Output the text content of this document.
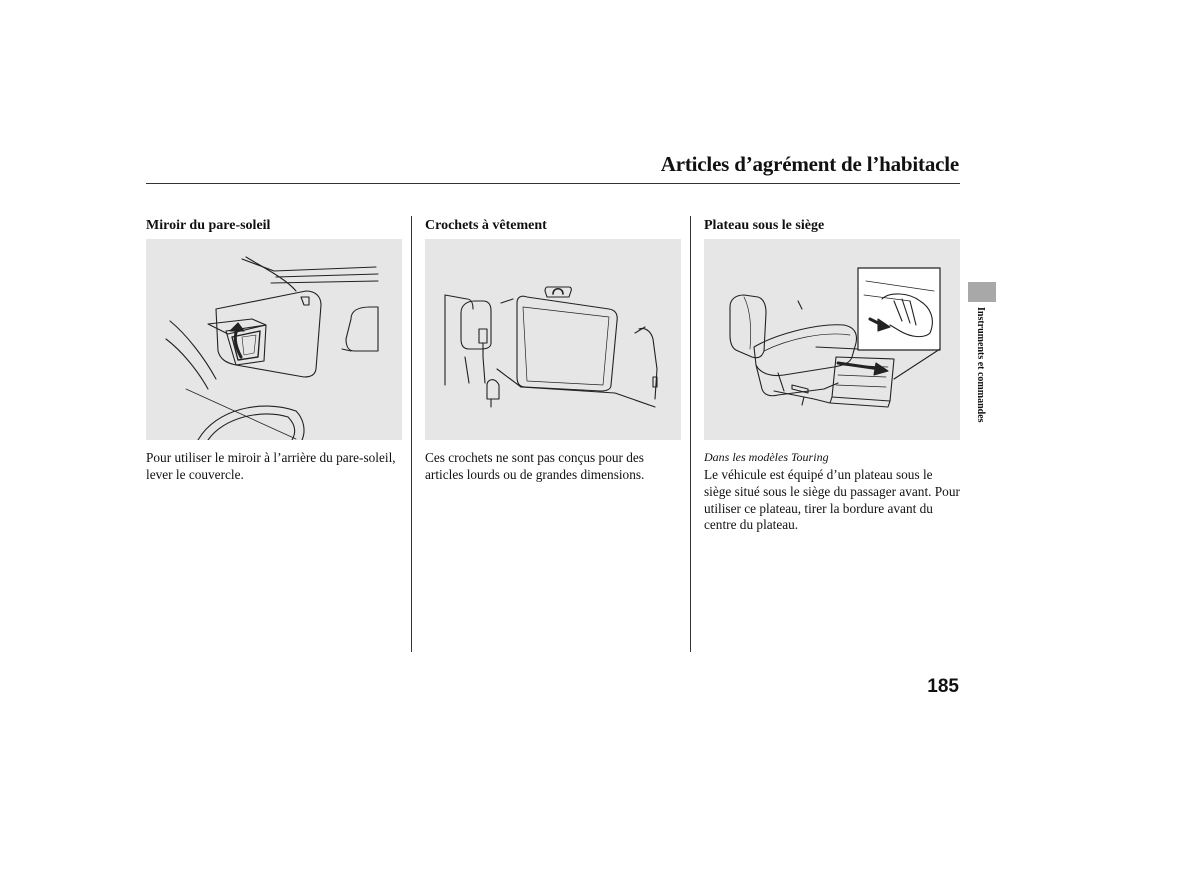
Articles d’agrément de l’habitacle
Miroir du pare-soleil
Pour utiliser le miroir à l’arrière du pare-soleil, lever le couvercle.
Crochets à vêtement
Ces crochets ne sont pas conçus pour des articles lourds ou de grandes dimensions.
Plateau sous le siège
Dans les modèles Touring
Le véhicule est équipé d’un plateau sous le siège situé sous le siège du passager avant. Pour utiliser ce plateau, tirer la bordure avant du centre du plateau.
Instruments et commandes
185
